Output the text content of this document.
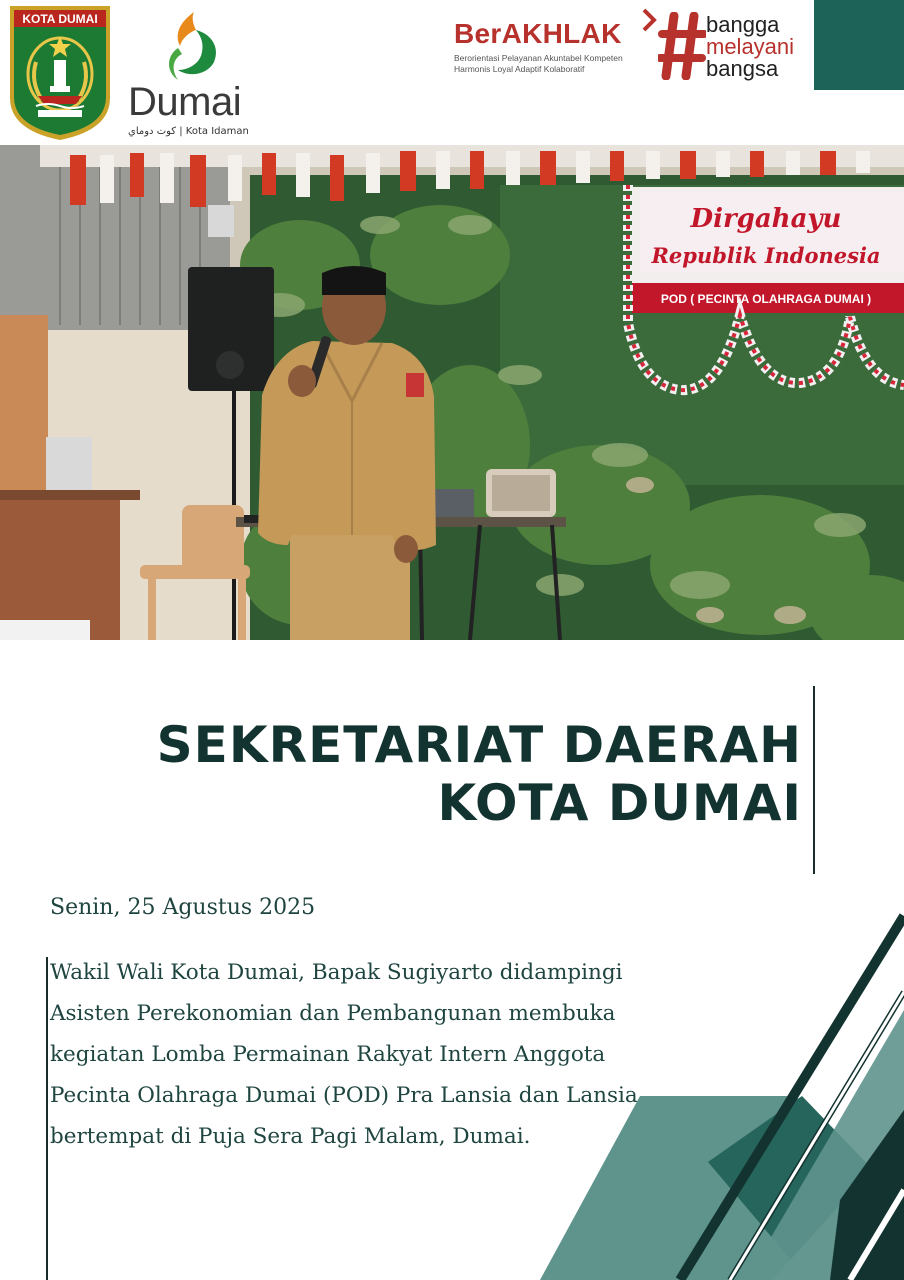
KOTA DUMAI
Dumai
كوت دوماي | Kota Idaman
BerAKHLAK
Berorientasi Pelayanan Akuntabel Kompeten
Harmonis Loyal Adaptif Kolaboratif
bangga
melayani
bangsa
Dirgahayu
Republik Indonesia
POD ( PECINTA OLAHRAGA DUMAI )
SEKRETARIAT DAERAH
KOTA DUMAI
Senin, 25 Agustus 2025
Wakil Wali Kota Dumai, Bapak Sugiyarto didampingi Asisten Perekonomian dan Pembangunan membuka kegiatan Lomba Permainan Rakyat Intern Anggota Pecinta Olahraga Dumai (POD) Pra Lansia dan Lansia bertempat di Puja Sera Pagi Malam, Dumai.
